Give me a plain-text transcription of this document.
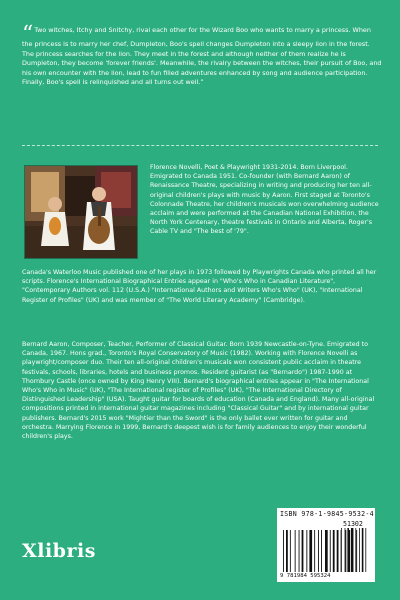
“Two witches, Itchy and Snitchy, rival each other for the Wizard Boo who wants to marry a princess. When the princess is to marry her chef, Dumpleton, Boo's spell changes Dumpleton into a sleepy lion in the forest. The princess searches for the lion. They meet in the forest and although neither of them realize he is Dumpleton, they become 'forever friends'. Meanwhile, the rivalry between the witches, their pursuit of Boo, and his own encounter with the lion, lead to fun filled adventures enhanced by song and audience participation. Finally, Boo's spell is relinquished and all turns out well.”
Florence Novelli, Poet & Playwright 1931-2014. Born Liverpool. Emigrated to Canada 1951. Co-founder (with Bernard Aaron) of Renaissance Theatre, specializing in writing and producing her ten all-original children's plays with music by Aaron. First staged at Toronto's Colonnade Theatre, her children's musicals won overwhelming audience acclaim and were performed at the Canadian National Exhibition, the North York Centenary, theatre festivals in Ontario and Alberta, Roger's Cable TV and "The best of '79".
Canada's Waterloo Music published one of her plays in 1973 followed by Playwrights Canada who printed all her scripts. Florence's International Biographical Entries appear in "Who's Who in Canadian Literature", "Contemporary Authors vol. 112 (U.S.A.) "International Authors and Writers Who's Who" (UK), "International Register of Profiles" (UK) and was member of "The World Literary Academy" (Cambridge).
Bernard Aaron, Composer, Teacher, Performer of Classical Guitar. Born 1939 Newcastle-on-Tyne. Emigrated to Canada, 1967. Hons grad., Toronto's Royal Conservatory of Music (1982). Working with Florence Novelli as playwright/composer duo. Their ten all-original children's musicals won consistent public acclaim in theatre festivals, schools, libraries, hotels and business promos. Resident guitarist (as "Bernardo") 1987-1990 at Thornbury Castle (once owned by King Henry VIII). Bernard's biographical entries appear in "The International Who's Who in Music" (UK), "The International register of Profiles" (UK), "The International Directory of Distinguished Leadership" (USA). Taught guitar for boards of education (Canada and England). Many all-original compositions printed in international guitar magazines including "Classical Guitar" and by international guitar publishers. Bernard's 2015 work "Mightier than the Sword" is the only ballet ever written for guitar and orchestra. Marrying Florence in 1999, Bernard's deepest wish is for family audiences to enjoy their wonderful children's plays.
Xlibris
ISBN 978-1-9845-9532-4
51302
9 781984 595324
